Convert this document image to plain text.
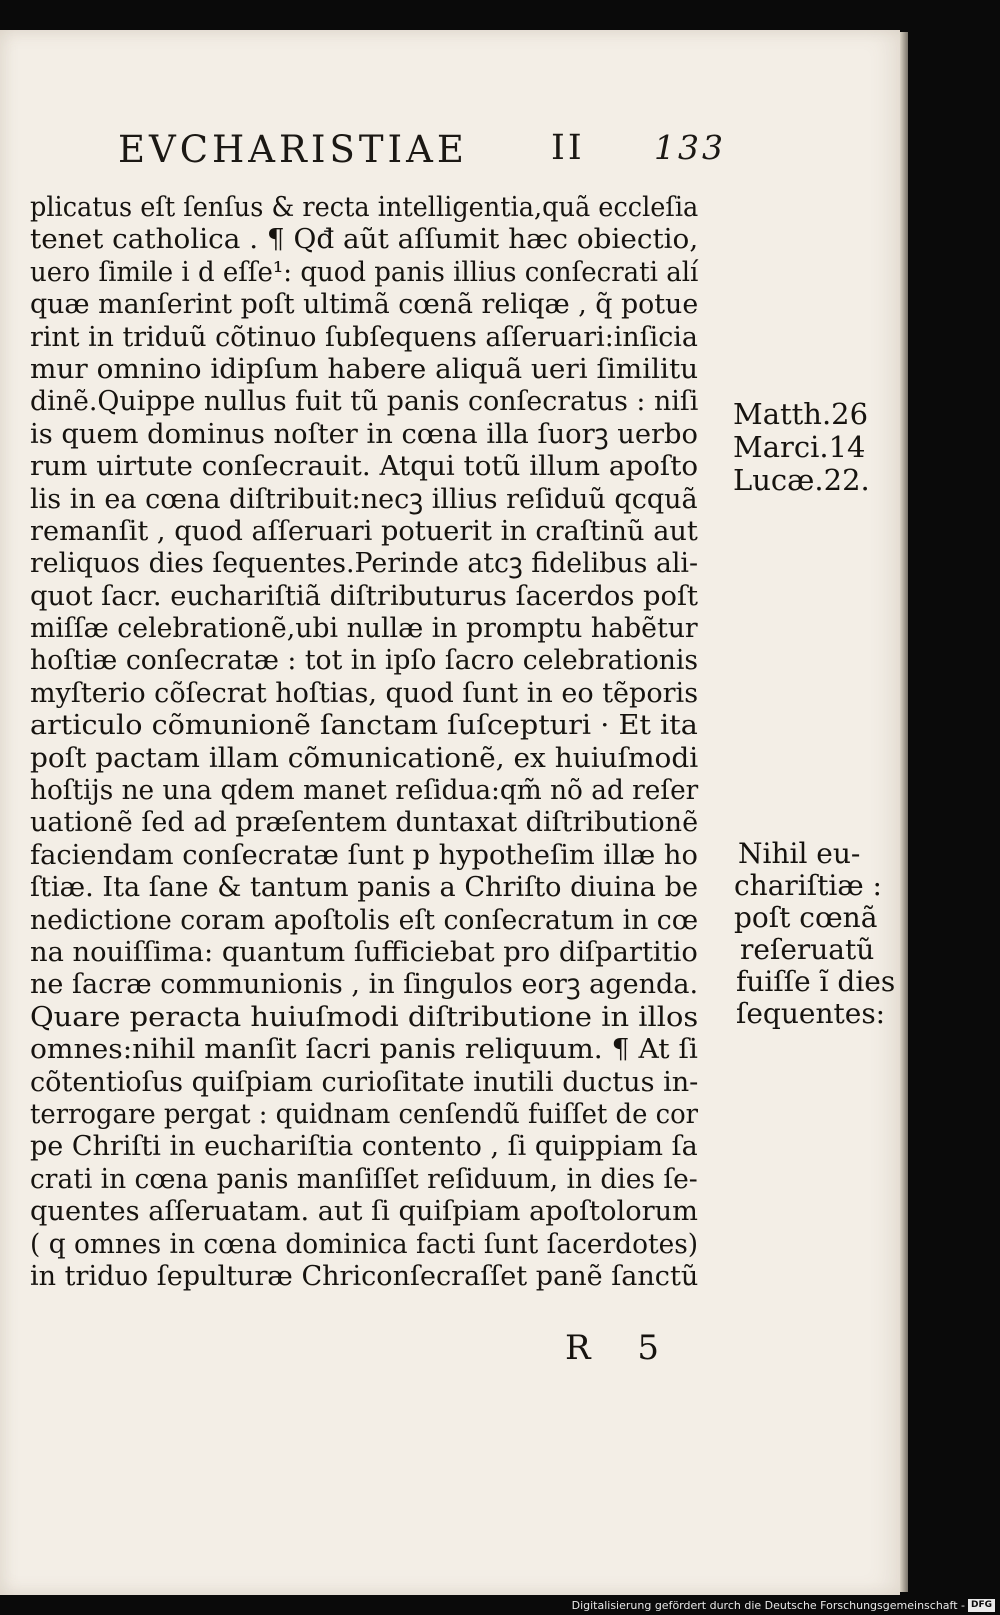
EVCHARISTIAE II 133
plicatus eſt ſenſus & recta intelligentia,quã eccleſia
tenet catholica . ¶ Qđ aũt aſſumit hæc obiectio,
uero ſimile i d eſſe¹: quod panis illius conſecrati alí
quæ manſerint poſt ultimã cœnã reliqæ , q̃ potue
rint in triduũ cõtinuo ſubſequens aſſeruari:inſicia
mur omnino idipſum habere aliquã ueri ſimilitu
dinẽ.Quippe nullus fuit tũ panis conſecratus : niſi
is quem dominus noſter in cœna illa ſuorꝫ uerbo
rum uirtute conſecrauit. Atqui totũ illum apoſto
lis in ea cœna diſtribuit:necꝫ illius reſiduũ qcquã
remanſit , quod aſſeruari potuerit in craſtinũ aut
reliquos dies ſequentes.Perinde atcꝫ fidelibus ali-
quot ſacr. euchariſtiã diſtributurus ſacerdos poſt
miſſæ celebrationẽ,ubi nullæ in promptu habẽtur
hoſtiæ conſecratæ : tot in ipſo ſacro celebrationis
myſterio cõſecrat hoſtias, quod ſunt in eo tẽporis
articulo cõmunionẽ ſanctam ſuſcepturi · Et ita
poſt pactam illam cõmunicationẽ, ex huiuſmodi
hoſtijs ne una qdem manet reſidua:qm̃ nõ ad reſer
uationẽ ſed ad præſentem duntaxat diſtributionẽ
faciendam conſecratæ ſunt p hypotheſim illæ ho
ſtiæ. Ita ſane & tantum panis a Chriſto diuina be
nedictione coram apoſtolis eſt conſecratum in cœ
na nouiſſima: quantum ſufficiebat pro diſpartitio
ne ſacræ communionis , in ſingulos eorꝫ agenda.
Quare peracta huiuſmodi diſtributione in illos
omnes:nihil manſit ſacri panis reliquum. ¶ At ſi
cõtentioſus quiſpiam curioſitate inutili ductus in-
terrogare pergat : quidnam cenſendũ fuiſſet de cor
pe Chriſti in euchariſtia contento , ſi quippiam ſa
crati in cœna panis manſiſſet reſiduum, in dies ſe-
quentes aſſeruatam. aut ſi quiſpiam apoſtolorum
( q omnes in cœna dominica facti ſunt ſacerdotes)
in triduo ſepulturæ Chriconſecraſſet panẽ ſanctũ
R 5
Matth.26
Marci.14
Lucæ.22.
Nihil eu-
chariſtiæ :
poſt cœnã
reſeruatũ
fuiſſe ĩ dies
ſequentes:
Digitalisierung gefördert durch die Deutsche Forschungsgemeinschaft - DFG
